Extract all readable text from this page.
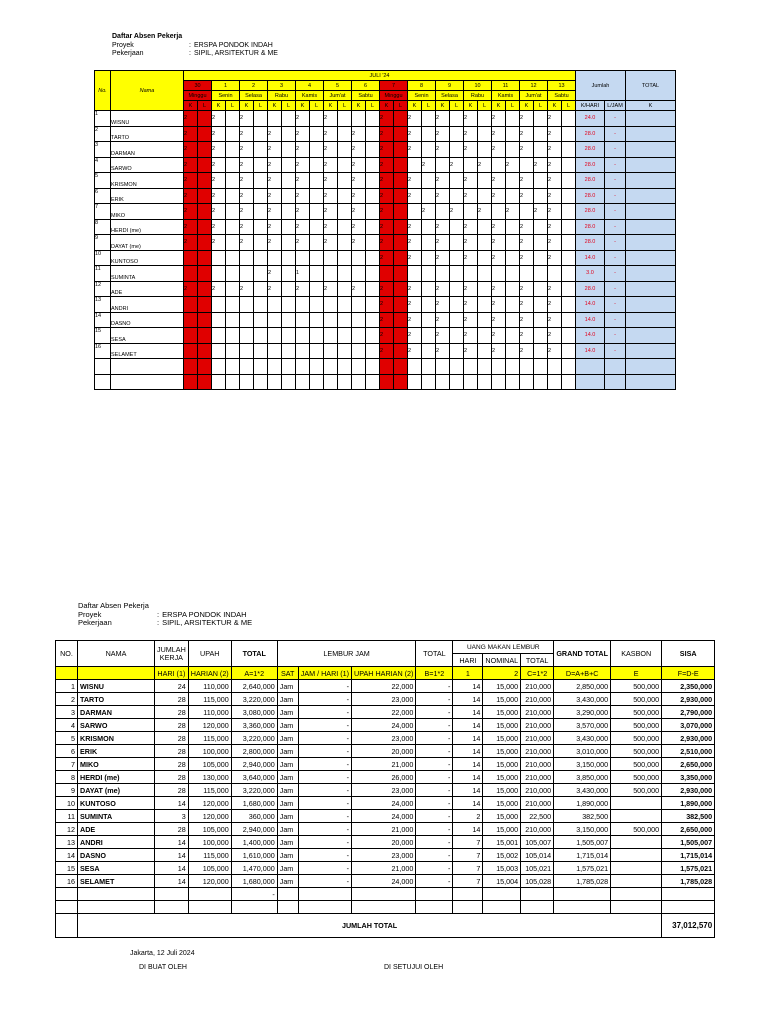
Daftar Absen Pekerja
Proyek	:	ERSPA PONDOK INDAH
Pekerjaan	:	SIPIL, ARSITEKTUR & ME
No.	Nama	JULI '24																												Jumlah		TOTAL
		30		1		2		3		4		5		6		7		8		9		10		11		12		13				
		Minggu		Senin		Selasa		Rabu		Kamis		Jum'at		Sabtu		Minggu		Senin		Selasa		Rabu		Kamis		Jum'at		Sabtu				
		K	L	K	L	K	L	K	L	K	L	K	L	K	L	K	L	K	L	K	L	K	L	K	L	K	L	K	L	K/HARI	L/JAM	K
1	WISNU	2		2		2				2		2				2		2		2		2		2		2		2		24.0	-	
2	TARTO	2		2		2		2		2		2		2		2		2		2		2		2		2		2		28.0	-	
3	DARMAN	2		2		2		2		2		2		2		2		2		2		2		2		2		2		28.0	-	
4	SARWO	2		2		2		2		2		2		2		2			2		2		2		2		2	2		28.0	-	
5	KRISMON	2		2		2		2		2		2		2		2		2		2		2		2		2		2		28.0	-	
6	ERIK	2		2		2		2		2		2		2		2		2		2		2		2		2		2		28.0	-	
7	MIKO	2		2		2		2		2		2		2		2			2		2		2		2		2	2		28.0	-	
8	HERDI (me)	2		2		2		2		2		2		2		2		2		2		2		2		2		2		28.0	-	
9	DAYAT (me)	2		2		2		2		2		2		2		2		2		2		2		2		2		2		28.0	-	
10	KUNTOSO															2		2		2		2		2		2		2		14.0	-	
11	SUMINTA							2		1																				3.0	-	
12	ADE	2		2		2		2		2		2		2		2		2		2		2		2		2		2		28.0	-	
13	ANDRI															2		2		2		2		2		2		2		14.0	-	
14	DASNO															2		2		2		2		2		2		2		14.0	-	
15	SESA															2		2		2		2		2		2		2		14.0	-	
16	SELAMET															2		2		2		2		2		2		2		14.0	-	

Daftar Absen Pekerja
Proyek	:	ERSPA PONDOK INDAH
Pekerjaan	:	SIPIL, ARSITEKTUR & ME
NO.	NAMA	JUMLAH KERJA	UPAH	TOTAL	LEMBUR JAM			TOTAL	UANG MAKAN LEMBUR			GRAND TOTAL	KASBON	SISA
									HARI	NOMINAL	TOTAL			
		HARI (1)	HARIAN (2)	A=1*2	SAT	JAM / HARI (1)	UPAH HARIAN (2)	B=1*2	1	2	C=1*2	D=A+B+C	E	F=D-E
1	WISNU	24	110,000	2,640,000	Jam	-	22,000	-	14	15,000	210,000	2,850,000	500,000	2,350,000
2	TARTO	28	115,000	3,220,000	Jam	-	23,000	-	14	15,000	210,000	3,430,000	500,000	2,930,000
3	DARMAN	28	110,000	3,080,000	Jam	-	22,000	-	14	15,000	210,000	3,290,000	500,000	2,790,000
4	SARWO	28	120,000	3,360,000	Jam	-	24,000	-	14	15,000	210,000	3,570,000	500,000	3,070,000
5	KRISMON	28	115,000	3,220,000	Jam	-	23,000	-	14	15,000	210,000	3,430,000	500,000	2,930,000
6	ERIK	28	100,000	2,800,000	Jam	-	20,000	-	14	15,000	210,000	3,010,000	500,000	2,510,000
7	MIKO	28	105,000	2,940,000	Jam	-	21,000	-	14	15,000	210,000	3,150,000	500,000	2,650,000
8	HERDI (me)	28	130,000	3,640,000	Jam	-	26,000	-	14	15,000	210,000	3,850,000	500,000	3,350,000
9	DAYAT (me)	28	115,000	3,220,000	Jam	-	23,000	-	14	15,000	210,000	3,430,000	500,000	2,930,000
10	KUNTOSO	14	120,000	1,680,000	Jam	-	24,000	-	14	15,000	210,000	1,890,000		1,890,000
11	SUMINTA	3	120,000	360,000	Jam	-	24,000	-	2	15,000	22,500	382,500		382,500
12	ADE	28	105,000	2,940,000	Jam	-	21,000	-	14	15,000	210,000	3,150,000	500,000	2,650,000
13	ANDRI	14	100,000	1,400,000	Jam	-	20,000	-	7	15,001	105,007	1,505,007		1,505,007
14	DASNO	14	115,000	1,610,000	Jam	-	23,000	-	7	15,002	105,014	1,715,014		1,715,014
15	SESA	14	105,000	1,470,000	Jam	-	21,000	-	7	15,003	105,021	1,575,021		1,575,021
16	SELAMET	14	120,000	1,680,000	Jam	-	24,000	-	7	15,004	105,028	1,785,028		1,785,028
				-										

	JUMLAH TOTAL													37,012,570
Jakarta, 12 Juli 2024
DI BUAT OLEH	DI SETUJUI OLEH
